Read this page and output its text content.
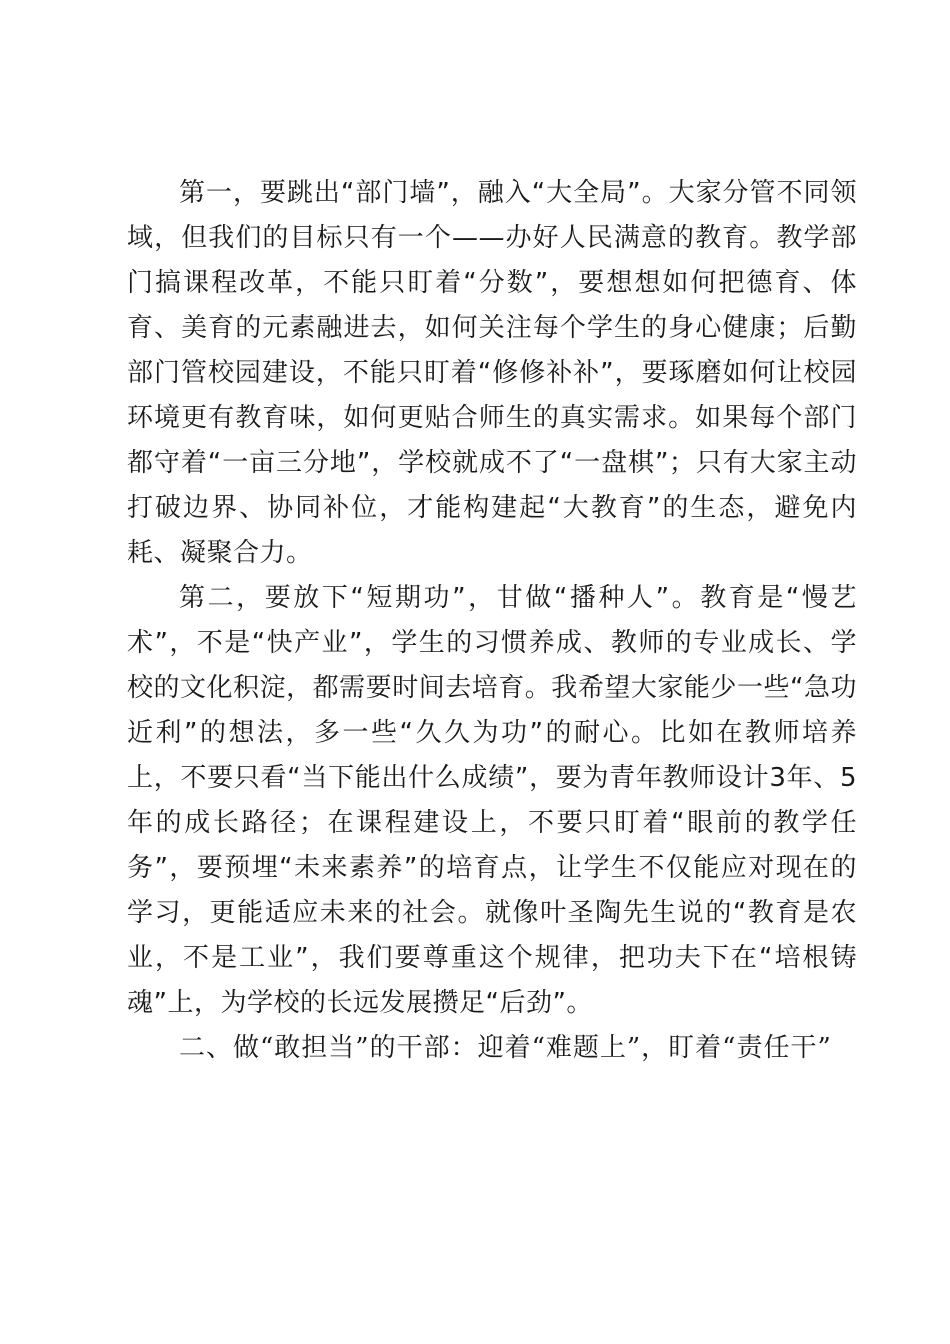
第一，要跳出“部门墙”，融入“大全局”。大家分管不同领域，但我们的目标只有一个——办好人民满意的教育。教学部门搞课程改革，不能只盯着“分数”，要想想如何把德育、体育、美育的元素融进去，如何关注每个学生的身心健康；后勤部门管校园建设，不能只盯着“修修补补”，要琢磨如何让校园环境更有教育味，如何更贴合师生的真实需求。如果每个部门都守着“一亩三分地”，学校就成不了“一盘棋”；只有大家主动打破边界、协同补位，才能构建起“大教育”的生态，避免内耗、凝聚合力。

第二，要放下“短期功”，甘做“播种人”。教育是“慢艺术”，不是“快产业”，学生的习惯养成、教师的专业成长、学校的文化积淀，都需要时间去培育。我希望大家能少一些“急功近利”的想法，多一些“久久为功”的耐心。比如在教师培养上，不要只看“当下能出什么成绩”，要为青年教师设计3年、5年的成长路径；在课程建设上，不要只盯着“眼前的教学任务”，要预埋“未来素养”的培育点，让学生不仅能应对现在的学习，更能适应未来的社会。就像叶圣陶先生说的“教育是农业，不是工业”，我们要尊重这个规律，把功夫下在“培根铸魂”上，为学校的长远发展攒足“后劲”。

二、做“敢担当”的干部：迎着“难题上”，盯着“责任干”
